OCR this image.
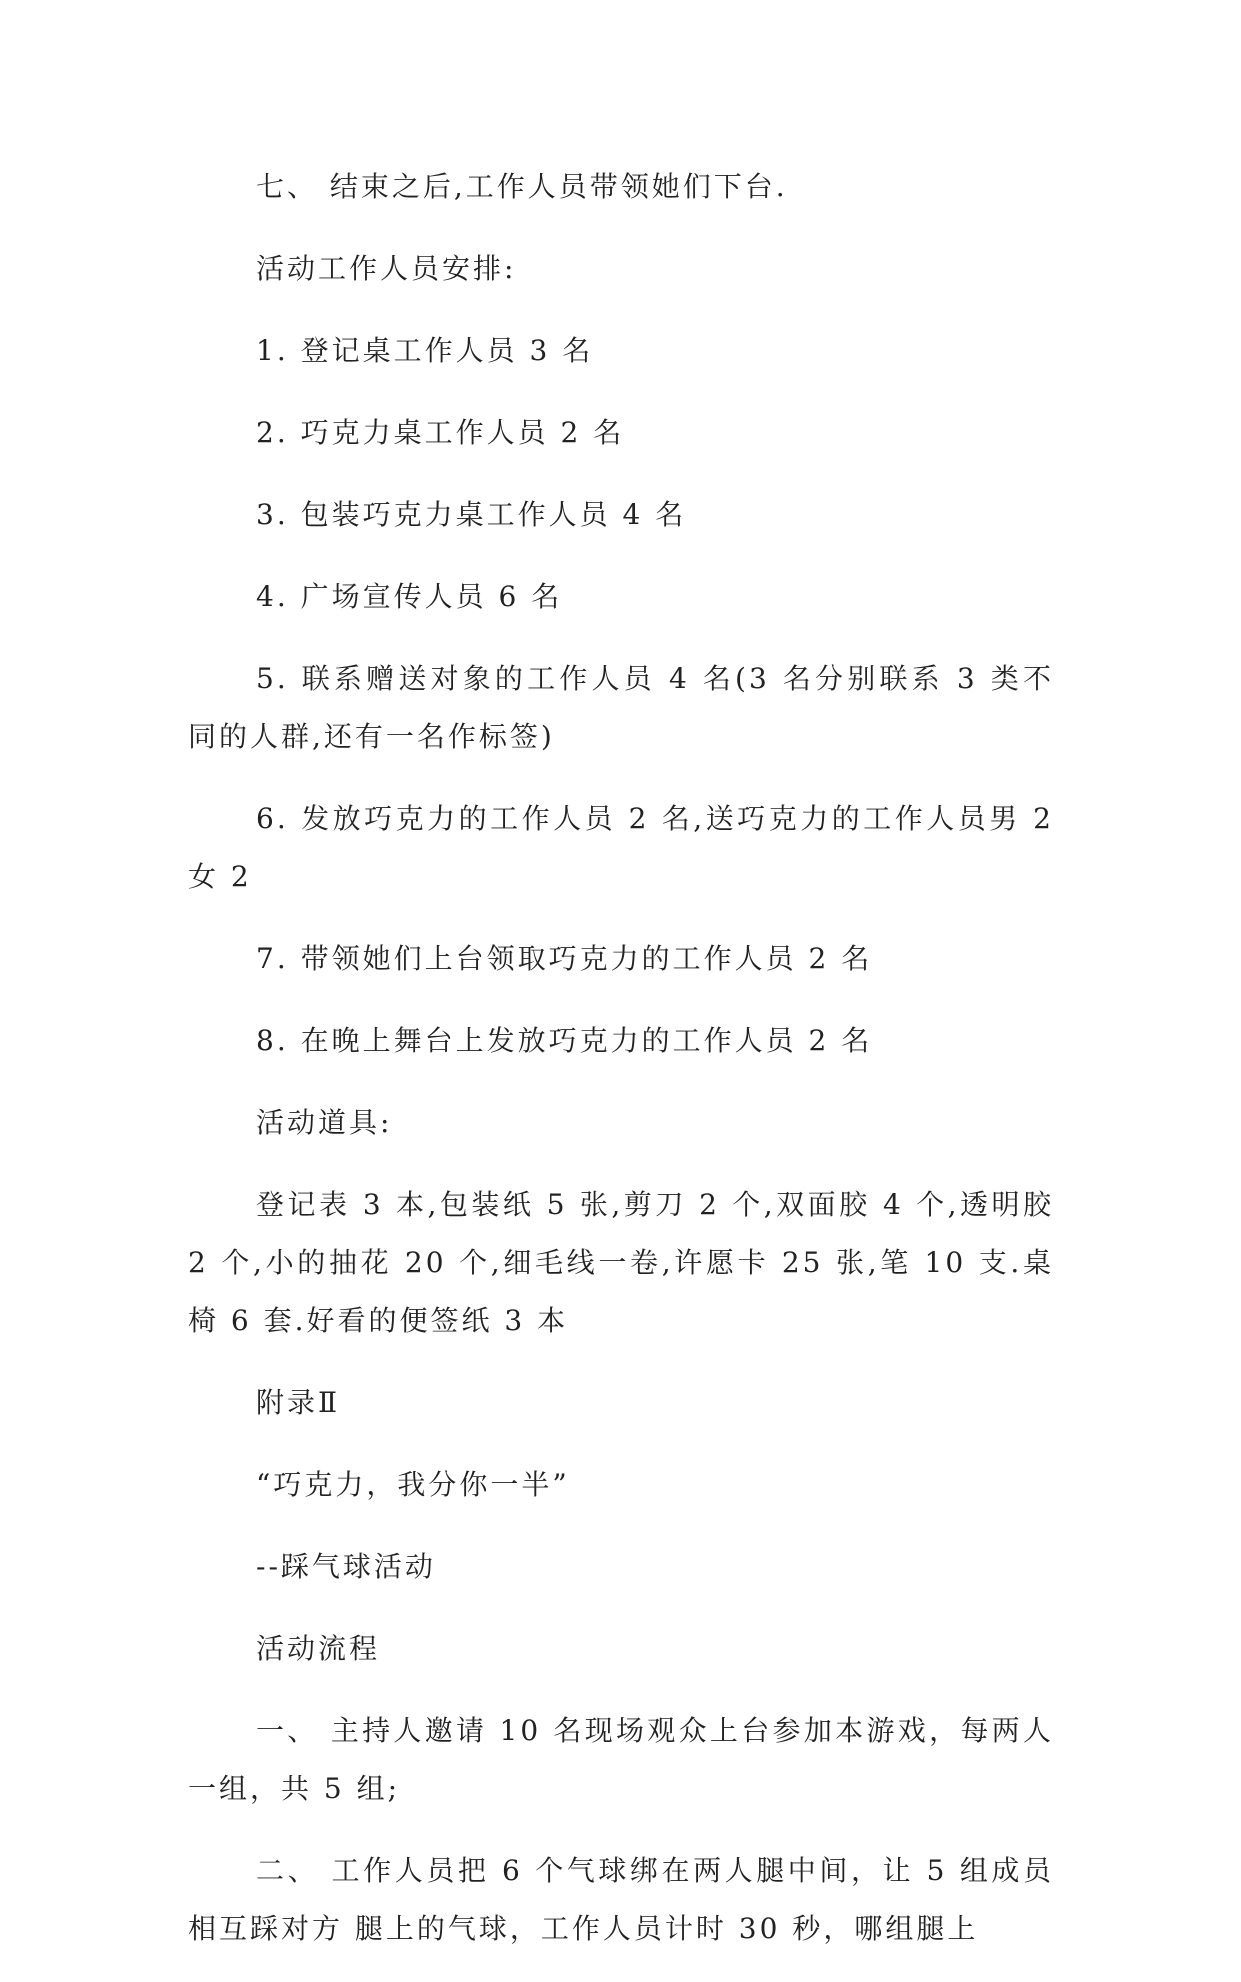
七、 结束之后,工作人员带领她们下台.

活动工作人员安排:

1. 登记桌工作人员 3 名

2. 巧克力桌工作人员 2 名

3. 包装巧克力桌工作人员 4 名

4. 广场宣传人员 6 名

5. 联系赠送对象的工作人员 4 名(3 名分别联系 3 类不同的人群,还有一名作标签)

6. 发放巧克力的工作人员 2 名,送巧克力的工作人员男 2 女 2

7. 带领她们上台领取巧克力的工作人员 2 名

8. 在晚上舞台上发放巧克力的工作人员 2 名

活动道具:

登记表 3 本,包装纸 5 张,剪刀 2 个,双面胶 4 个,透明胶 2 个,小的抽花 20 个,细毛线一卷,许愿卡 25 张,笔 10 支.桌椅 6 套.好看的便签纸 3 本

附录Ⅱ

“巧克力，我分你一半”

--踩气球活动

活动流程

一、 主持人邀请 10 名现场观众上台参加本游戏，每两人一组，共 5 组;

二、 工作人员把 6 个气球绑在两人腿中间，让 5 组成员相互踩对方 腿上的气球，工作人员计时 30 秒，哪组腿上
